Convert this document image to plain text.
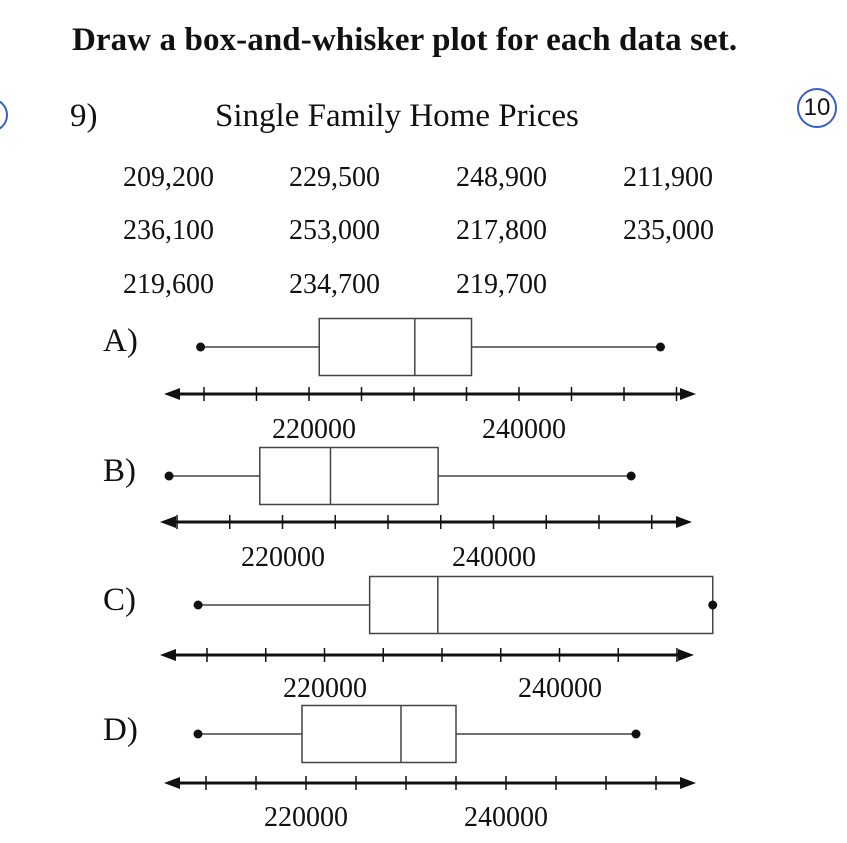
Draw a box-and-whisker plot for each data set.
9)	Single Family Home Prices	10
209,200	229,500	248,900	211,900
236,100	253,000	217,800	235,000
219,600	234,700	219,700
A)
B)
C)
D)
220000	240000
220000	240000
220000	240000
220000	240000
